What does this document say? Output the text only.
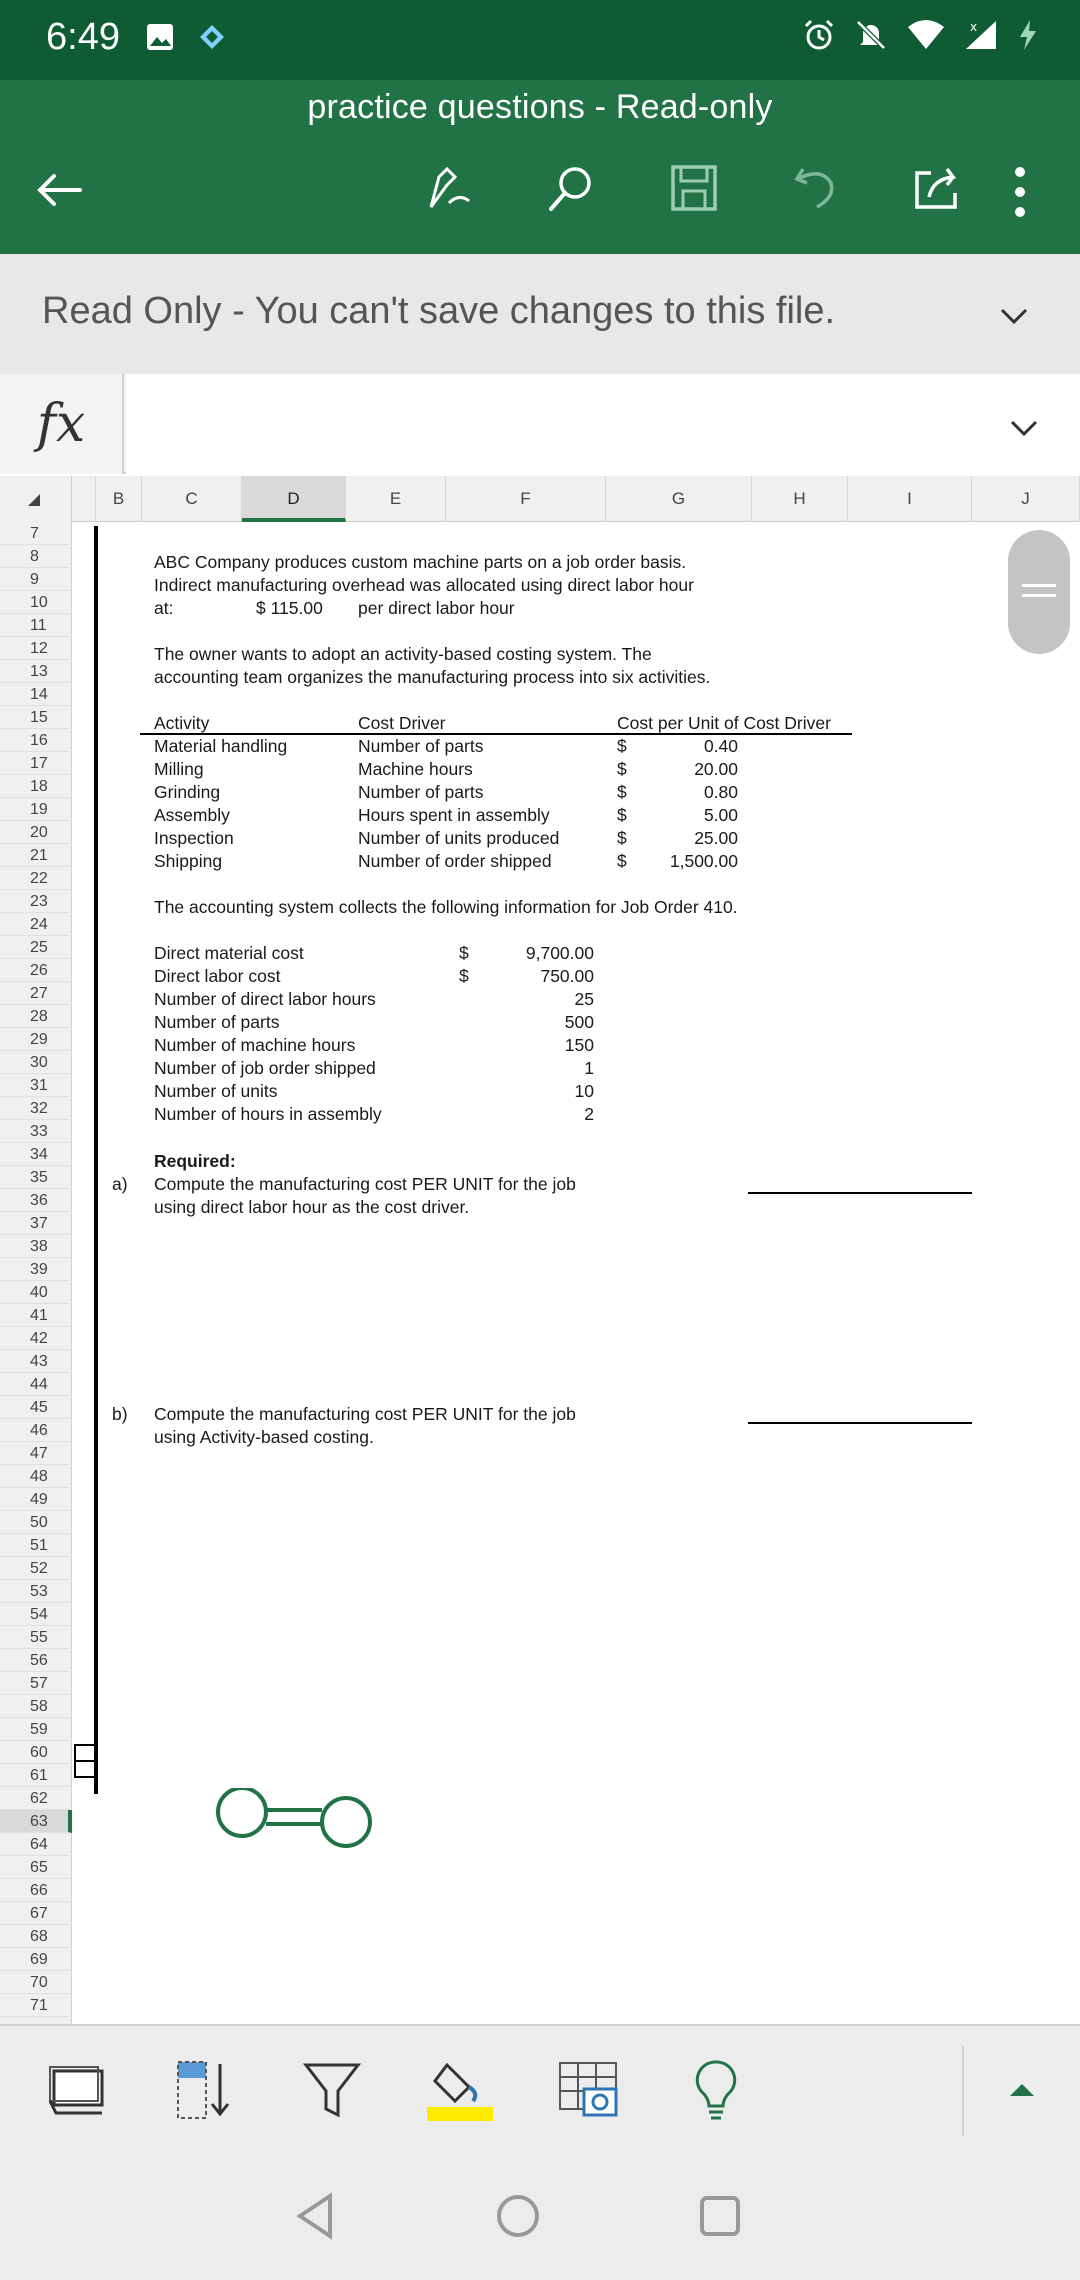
6:49	x
practice questions - Read-only
Read Only - You can't save changes to this file.
fx
B	C	D	E	F	G	H	I	J
7
8
9
10
11
12
13
14
15
16
17
18
19
20
21
22
23
24
25
26
27
28
29
30
31
32
33
34
35
36
37
38
39
40
41
42
43
44
45
46
47
48
49
50
51
52
53
54
55
56
57
58
59
60
61
62
63
64
65
66
67
68
69
70
71
ABC Company produces custom machine parts on a job order basis.
Indirect manufacturing overhead was allocated using direct labor hour
at:	$ 115.00 per direct labor hour
The owner wants to adopt an activity-based costing system. The
accounting team organizes the manufacturing process into six activities.
Activity	Cost Driver	Cost per Unit of Cost Driver
Material handling	Number of parts	$	0.40
Milling	Machine hours	$	20.00
Grinding	Number of parts	$	0.80
Assembly	Hours spent in assembly	$	5.00
Inspection	Number of units produced	$	25.00
Shipping	Number of order shipped	$	1,500.00
The accounting system collects the following information for Job Order 410.
Direct material cost	$	9,700.00
Direct labor cost	$	750.00
Number of direct labor hours	25
Number of parts	500
Number of machine hours	150
Number of job order shipped	1
Number of units	10
Number of hours in assembly	2
Required:
a) Compute the manufacturing cost PER UNIT for the job
using direct labor hour as the cost driver.
b) Compute the manufacturing cost PER UNIT for the job
using Activity-based costing.
